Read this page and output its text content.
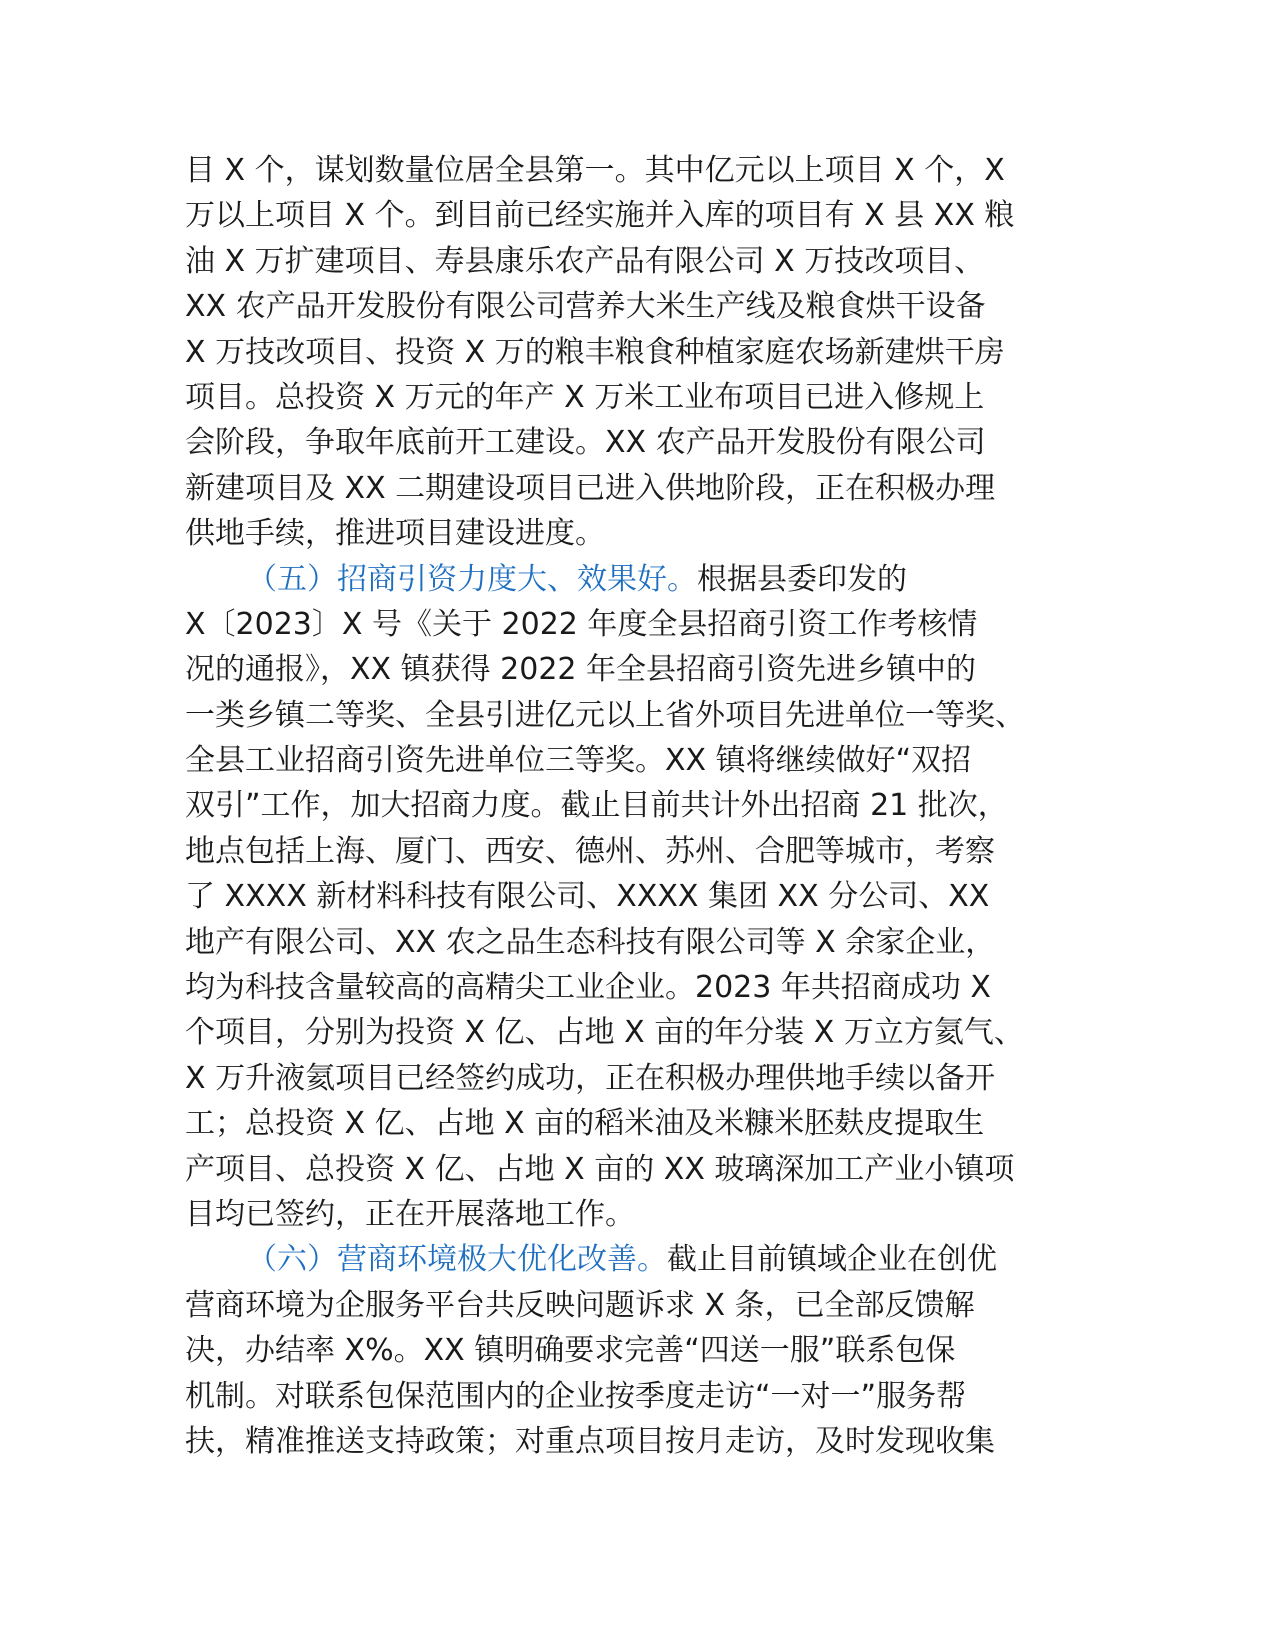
目 X 个，谋划数量位居全县第一。其中亿元以上项目 X 个，X
万以上项目 X 个。到目前已经实施并入库的项目有 X 县 XX 粮
油 X 万扩建项目、寿县康乐农产品有限公司 X 万技改项目、
XX 农产品开发股份有限公司营养大米生产线及粮食烘干设备
X 万技改项目、投资 X 万的粮丰粮食种植家庭农场新建烘干房
项目。总投资 X 万元的年产 X 万米工业布项目已进入修规上
会阶段，争取年底前开工建设。XX 农产品开发股份有限公司
新建项目及 XX 二期建设项目已进入供地阶段，正在积极办理
供地手续，推进项目建设进度。
（五）招商引资力度大、效果好。根据县委印发的
X〔2023〕X 号《关于 2022 年度全县招商引资工作考核情
况的通报》，XX 镇获得 2022 年全县招商引资先进乡镇中的
一类乡镇二等奖、全县引进亿元以上省外项目先进单位一等奖、
全县工业招商引资先进单位三等奖。XX 镇将继续做好“双招
双引”工作，加大招商力度。截止目前共计外出招商 21 批次，
地点包括上海、厦门、西安、德州、苏州、合肥等城市，考察
了 XXXX 新材料科技有限公司、XXXX 集团 XX 分公司、XX
地产有限公司、XX 农之品生态科技有限公司等 X 余家企业，
均为科技含量较高的高精尖工业企业。2023 年共招商成功 X
个项目，分别为投资 X 亿、占地 X 亩的年分装 X 万立方氦气、
X 万升液氦项目已经签约成功，正在积极办理供地手续以备开
工；总投资 X 亿、占地 X 亩的稻米油及米糠米胚麸皮提取生
产项目、总投资 X 亿、占地 X 亩的 XX 玻璃深加工产业小镇项
目均已签约，正在开展落地工作。
（六）营商环境极大优化改善。截止目前镇域企业在创优
营商环境为企服务平台共反映问题诉求 X 条，已全部反馈解
决，办结率 X%。XX 镇明确要求完善“四送一服”联系包保
机制。对联系包保范围内的企业按季度走访“一对一”服务帮
扶，精准推送支持政策；对重点项目按月走访，及时发现收集
